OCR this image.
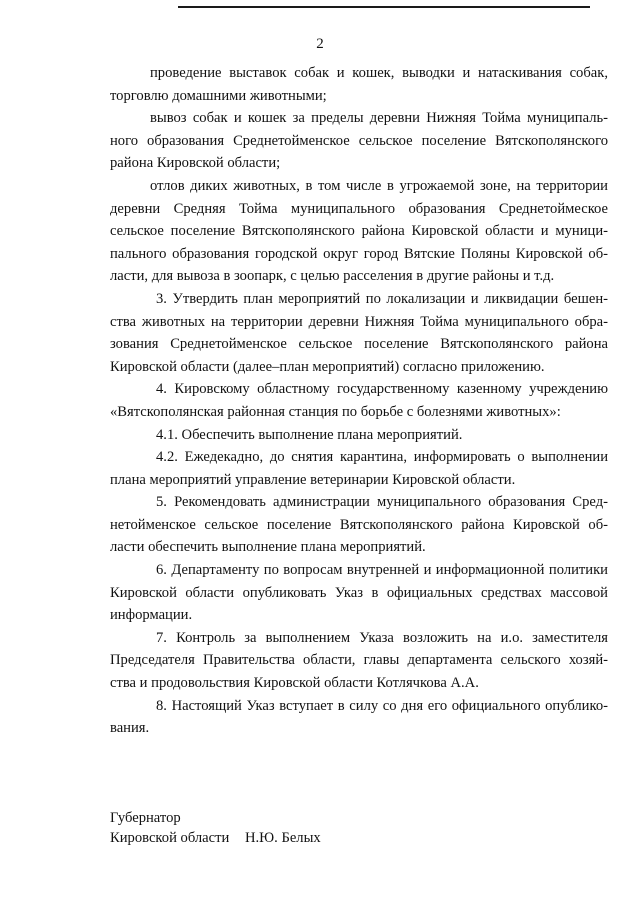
2
проведение выставок собак и кошек, выводки и натаскивания собак,
торговлю домашними животными;
вывоз собак и кошек за пределы деревни Нижняя Тойма муниципаль-
ного образования Среднетойменское сельское поселение Вятскополянского
района Кировской области;
отлов диких животных, в том числе в угрожаемой зоне, на территории
деревни Средняя Тойма муниципального образования Среднетоймеское
сельское поселение Вятскополянского района Кировской области и муници-
пального образования городской округ город Вятские Поляны Кировской об-
ласти, для вывоза в зоопарк, с целью расселения в другие районы и т.д.
3. Утвердить план мероприятий по локализации и ликвидации бешен-
ства животных на территории деревни Нижняя Тойма муниципального обра-
зования Среднетойменское сельское поселение Вятскополянского района
Кировской области (далее–план мероприятий) согласно приложению.
4. Кировскому областному государственному казенному учреждению
«Вятскополянская районная станция по борьбе с болезнями животных»:
4.1. Обеспечить выполнение плана мероприятий.
4.2. Ежедекадно, до снятия карантина, информировать о выполнении
плана мероприятий управление ветеринарии Кировской области.
5. Рекомендовать администрации муниципального образования Сред-
нетойменское сельское поселение Вятскополянского района Кировской об-
ласти обеспечить выполнение плана мероприятий.
6. Департаменту по вопросам внутренней и информационной политики
Кировской области опубликовать Указ в официальных средствах массовой
информации.
7. Контроль за выполнением Указа возложить на и.о. заместителя
Председателя Правительства области, главы департамента сельского хозяй-
ства и продовольствия Кировской области Котлячкова А.А.
8. Настоящий Указ вступает в силу со дня его официального опублико-
вания.
Губернатор
Кировской области Н.Ю. Белых
